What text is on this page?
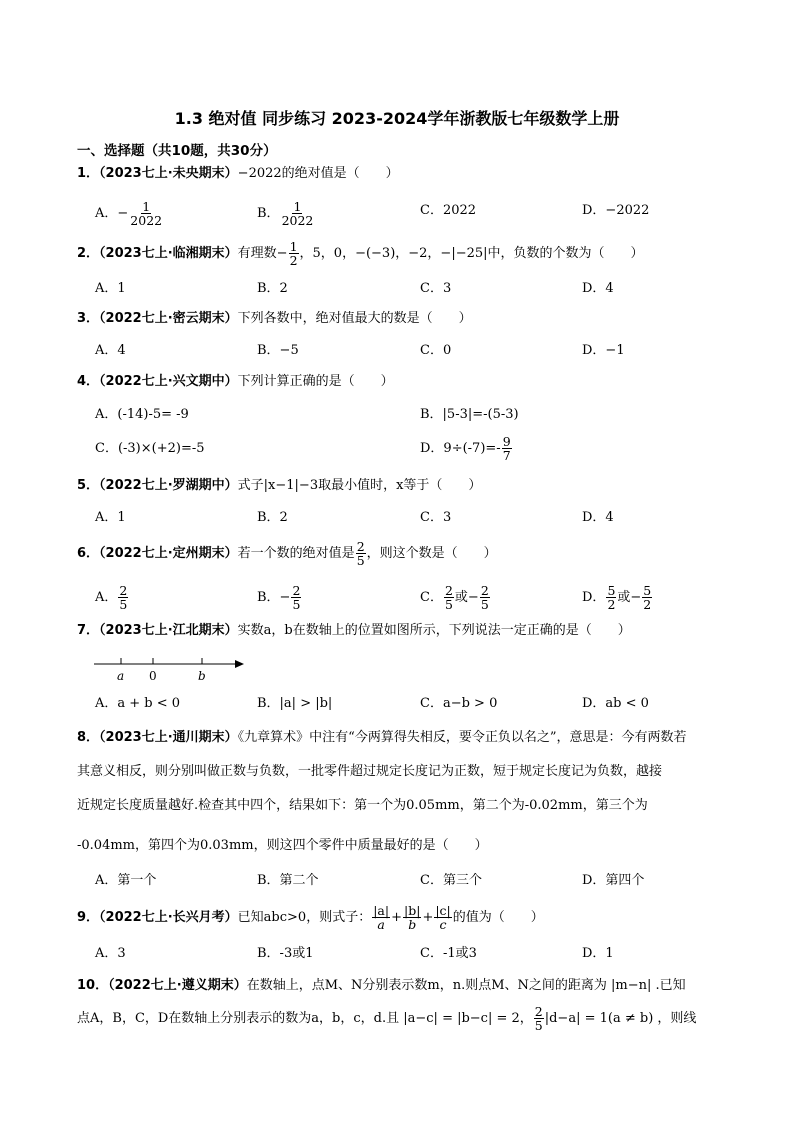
1.3 绝对值 同步练习 2023-2024学年浙教版七年级数学上册
一、选择题（共10题，共30分）
1．（2023七上·未央期末）−2022的绝对值是（　　）
A．− $\frac{1}{2022}$	B． $\frac{1}{2022}$	C．2022	D．−2022
2．（2023七上·临湘期末）有理数− $\frac{1}{2}$ ，5，0，−(−3)，−2，−|−25|中，负数的个数为（　　）
A．1	B．2	C．3	D．4
3．（2022七上·密云期末）下列各数中，绝对值最大的数是（　　）
A．4	B．−5	C．0	D．−1
4．（2022七上·兴文期中）下列计算正确的是（　　）
A．(-14)-5= -9	B．|5-3|=-(5-3)
C．(-3)×(+2)=-5	D．$9\div(-7)=- \frac{9}{7}$
5．（2022七上·罗湖期中）式子|x−1|−3取最小值时，x等于（　　）
A．1	B．2	C．3	D．4
6．（2022七上·定州期末）若一个数的绝对值是 $\frac{2}{5}$ ，则这个数是（　　）
A． $\frac{2}{5}$	B．− $\frac{2}{5}$	C． $\frac{2}{5}$ 或− $\frac{2}{5}$	D． $\frac{5}{2}$ 或− $\frac{5}{2}$
7．（2023七上·江北期末）实数a，b在数轴上的位置如图所示，下列说法一定正确的是（　　）
a 0	b
A．a + b < 0	B．|a| > |b|	C．a−b > 0	D．ab < 0
8．（2023七上·通川期末）《九章算术》中注有“今两算得失相反，要令正负以名之”，意思是：今有两数若
其意义相反，则分别叫做正数与负数，一批零件超过规定长度记为正数，短于规定长度记为负数，越接
近规定长度质量越好.检查其中四个，结果如下：第一个为0.05mm，第二个为-0.02mm，第三个为
-0.04mm，第四个为0.03mm，则这四个零件中质量最好的是（　　）
A．第一个	B．第二个	C．第三个	D．第四个
9．（2022七上·长兴月考）已知abc>0，则式子： $\frac{|a|}{a} + \frac{|b|}{b} + \frac{|c|}{c}$ 的值为（　　）
A．3	B．-3或1	C．-1或3	D．1
10．（2022七上·遵义期末）在数轴上，点M、N分别表示数m，n.则点M、N之间的距离为 |m−n| .已知
点A，B，C，D在数轴上分别表示的数为a，b，c，d.且 |a−c| = |b−c| = 2， $\frac{2}{5} |d-a| = 1(a \ne b)$ ，则线
